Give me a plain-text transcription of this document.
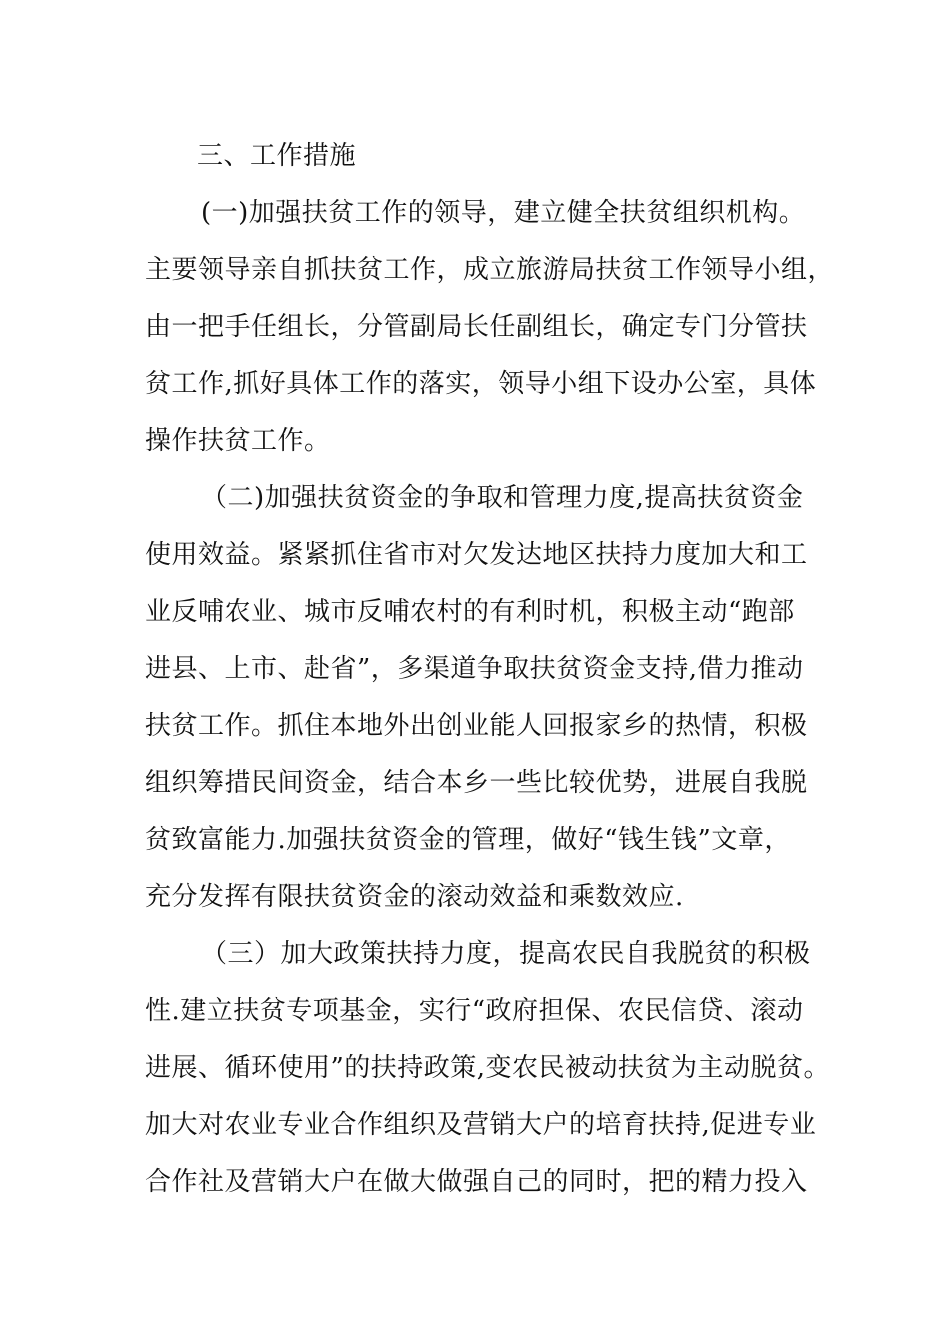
三、工作措施
(一)加强扶贫工作的领导，建立健全扶贫组织机构。
主要领导亲自抓扶贫工作，成立旅游局扶贫工作领导小组，
由一把手任组长，分管副局长任副组长，确定专门分管扶
贫工作,抓好具体工作的落实，领导小组下设办公室，具体
操作扶贫工作。
（二)加强扶贫资金的争取和管理力度,提高扶贫资金
使用效益。紧紧抓住省市对欠发达地区扶持力度加大和工
业反哺农业、城市反哺农村的有利时机，积极主动“跑部
进县、上市、赴省”，多渠道争取扶贫资金支持,借力推动
扶贫工作。抓住本地外出创业能人回报家乡的热情，积极
组织筹措民间资金，结合本乡一些比较优势，进展自我脱
贫致富能力.加强扶贫资金的管理，做好“钱生钱”文章，
充分发挥有限扶贫资金的滚动效益和乘数效应.
（三）加大政策扶持力度，提高农民自我脱贫的积极
性.建立扶贫专项基金，实行“政府担保、农民信贷、滚动
进展、循环使用”的扶持政策,变农民被动扶贫为主动脱贫。
加大对农业专业合作组织及营销大户的培育扶持,促进专业
合作社及营销大户在做大做强自己的同时，把的精力投入
